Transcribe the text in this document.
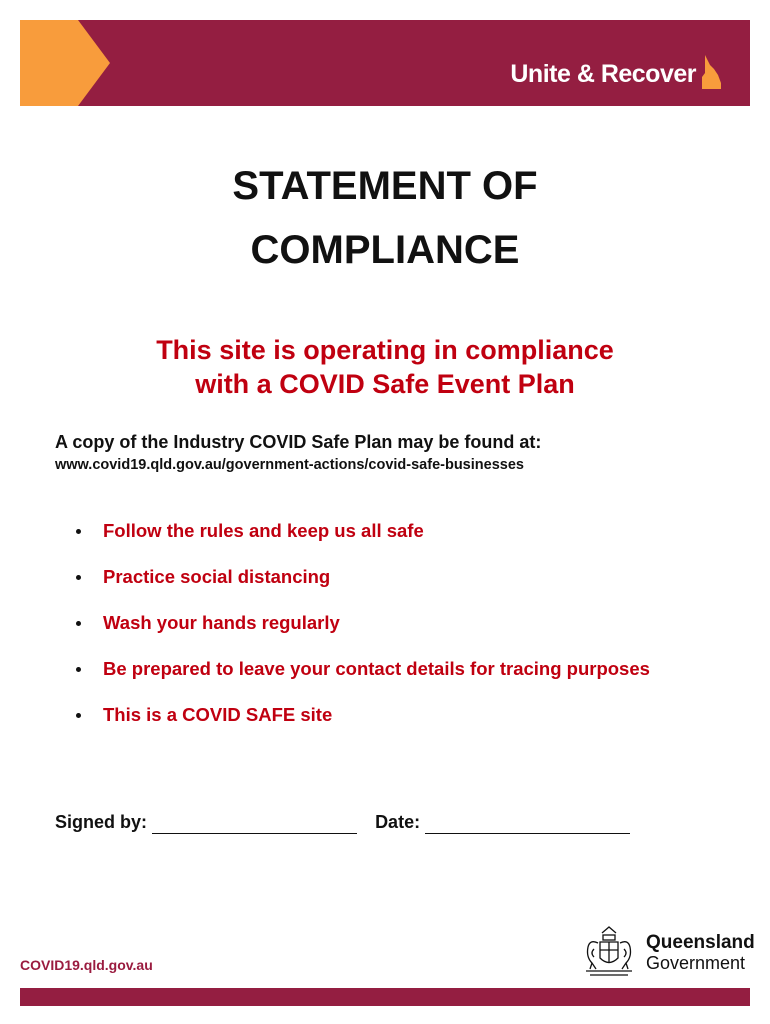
Unite & Recover
STATEMENT OF
COMPLIANCE
This site is operating in compliance
with a COVID Safe Event Plan
A copy of the Industry COVID Safe Plan may be found at:
www.covid19.qld.gov.au/government-actions/covid-safe-businesses
Follow the rules and keep us all safe
Practice social distancing
Wash your hands regularly
Be prepared to leave your contact details for tracing purposes
This is a COVID SAFE site
Signed by:	Date:
COVID19.qld.gov.au
Queensland
Government
